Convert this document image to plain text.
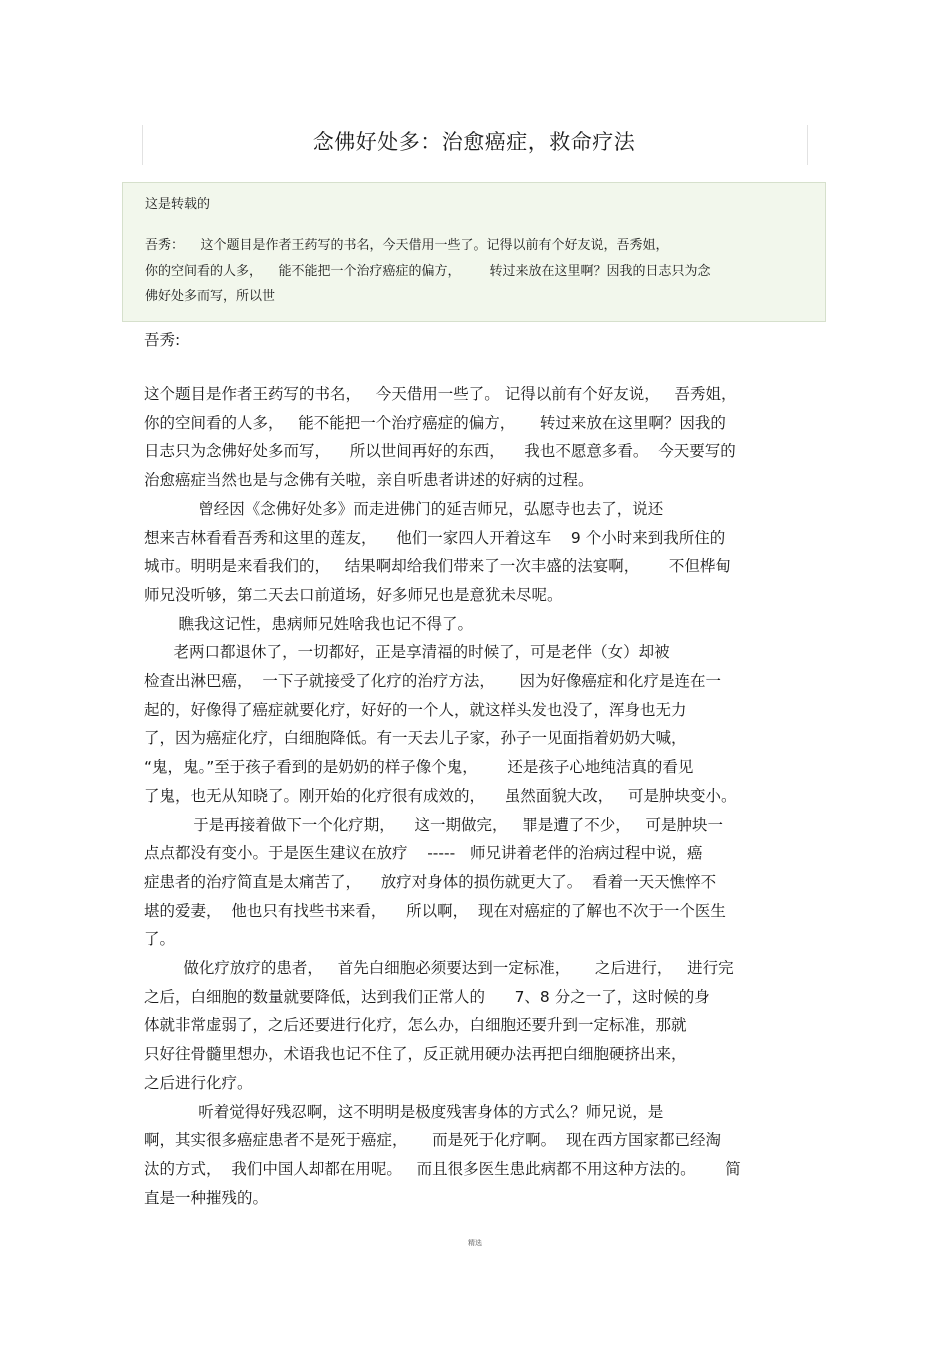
念佛好处多：治愈癌症，救命疗法
这是转载的
吾秀：    这个题目是作者王药写的书名，今天借用一些了。记得以前有个好友说，吾秀姐，
你的空间看的人多，    能不能把一个治疗癌症的偏方，       转过来放在这里啊？因我的日志只为念
佛好处多而写，所以世
吾秀:
这个题目是作者王药写的书名，   今天借用一些了。 记得以前有个好友说，   吾秀姐，
你的空间看的人多，   能不能把一个治疗癌症的偏方，     转过来放在这里啊？因我的
日志只为念佛好处多而写，    所以世间再好的东西，    我也不愿意多看。  今天要写的
治愈癌症当然也是与念佛有关啦，亲自听患者讲述的好病的过程。
曾经因《念佛好处多》而走进佛门的延吉师兄，弘愿寺也去了，说还
想来吉林看看吾秀和这里的莲友，    他们一家四人开着这车    9 个小时来到我所住的
城市。明明是来看我们的，   结果啊却给我们带来了一次丰盛的法宴啊，      不但桦甸
师兄没听够，第二天去口前道场，好多师兄也是意犹未尽呢。
瞧我这记性，患病师兄姓啥我也记不得了。
老两口都退休了，一切都好，正是享清福的时候了，可是老伴（女）却被
检查出淋巴癌，  一下子就接受了化疗的治疗方法，     因为好像癌症和化疗是连在一
起的，好像得了癌症就要化疗，好好的一个人，就这样头发也没了，浑身也无力
了，因为癌症化疗，白细胞降低。有一天去儿子家，孙子一见面指着奶奶大喊，
“鬼，鬼。”至于孩子看到的是奶奶的样子像个鬼，      还是孩子心地纯洁真的看见
了鬼，也无从知晓了。刚开始的化疗很有成效的，    虽然面貌大改，   可是肿块变小。
于是再接着做下一个化疗期，    这一期做完，   罪是遭了不少，   可是肿块一
点点都没有变小。于是医生建议在放疗    -----   师兄讲着老伴的治病过程中说，癌
症患者的治疗简直是太痛苦了，    放疗对身体的损伤就更大了。  看着一天天憔悴不
堪的爱妻，  他也只有找些书来看，    所以啊，  现在对癌症的了解也不次于一个医生
了。
做化疗放疗的患者，   首先白细胞必须要达到一定标准，     之后进行，   进行完
之后，白细胞的数量就要降低，达到我们正常人的      7、8 分之一了，这时候的身
体就非常虚弱了，之后还要进行化疗，怎么办，白细胞还要升到一定标准，那就
只好往骨髓里想办，术语我也记不住了，反正就用硬办法再把白细胞硬挤出来，
之后进行化疗。
听着觉得好残忍啊，这不明明是极度残害身体的方式么？师兄说，是
啊，其实很多癌症患者不是死于癌症，     而是死于化疗啊。  现在西方国家都已经淘
汰的方式，  我们中国人却都在用呢。   而且很多医生患此病都不用这种方法的。      简
直是一种摧残的。
精选
